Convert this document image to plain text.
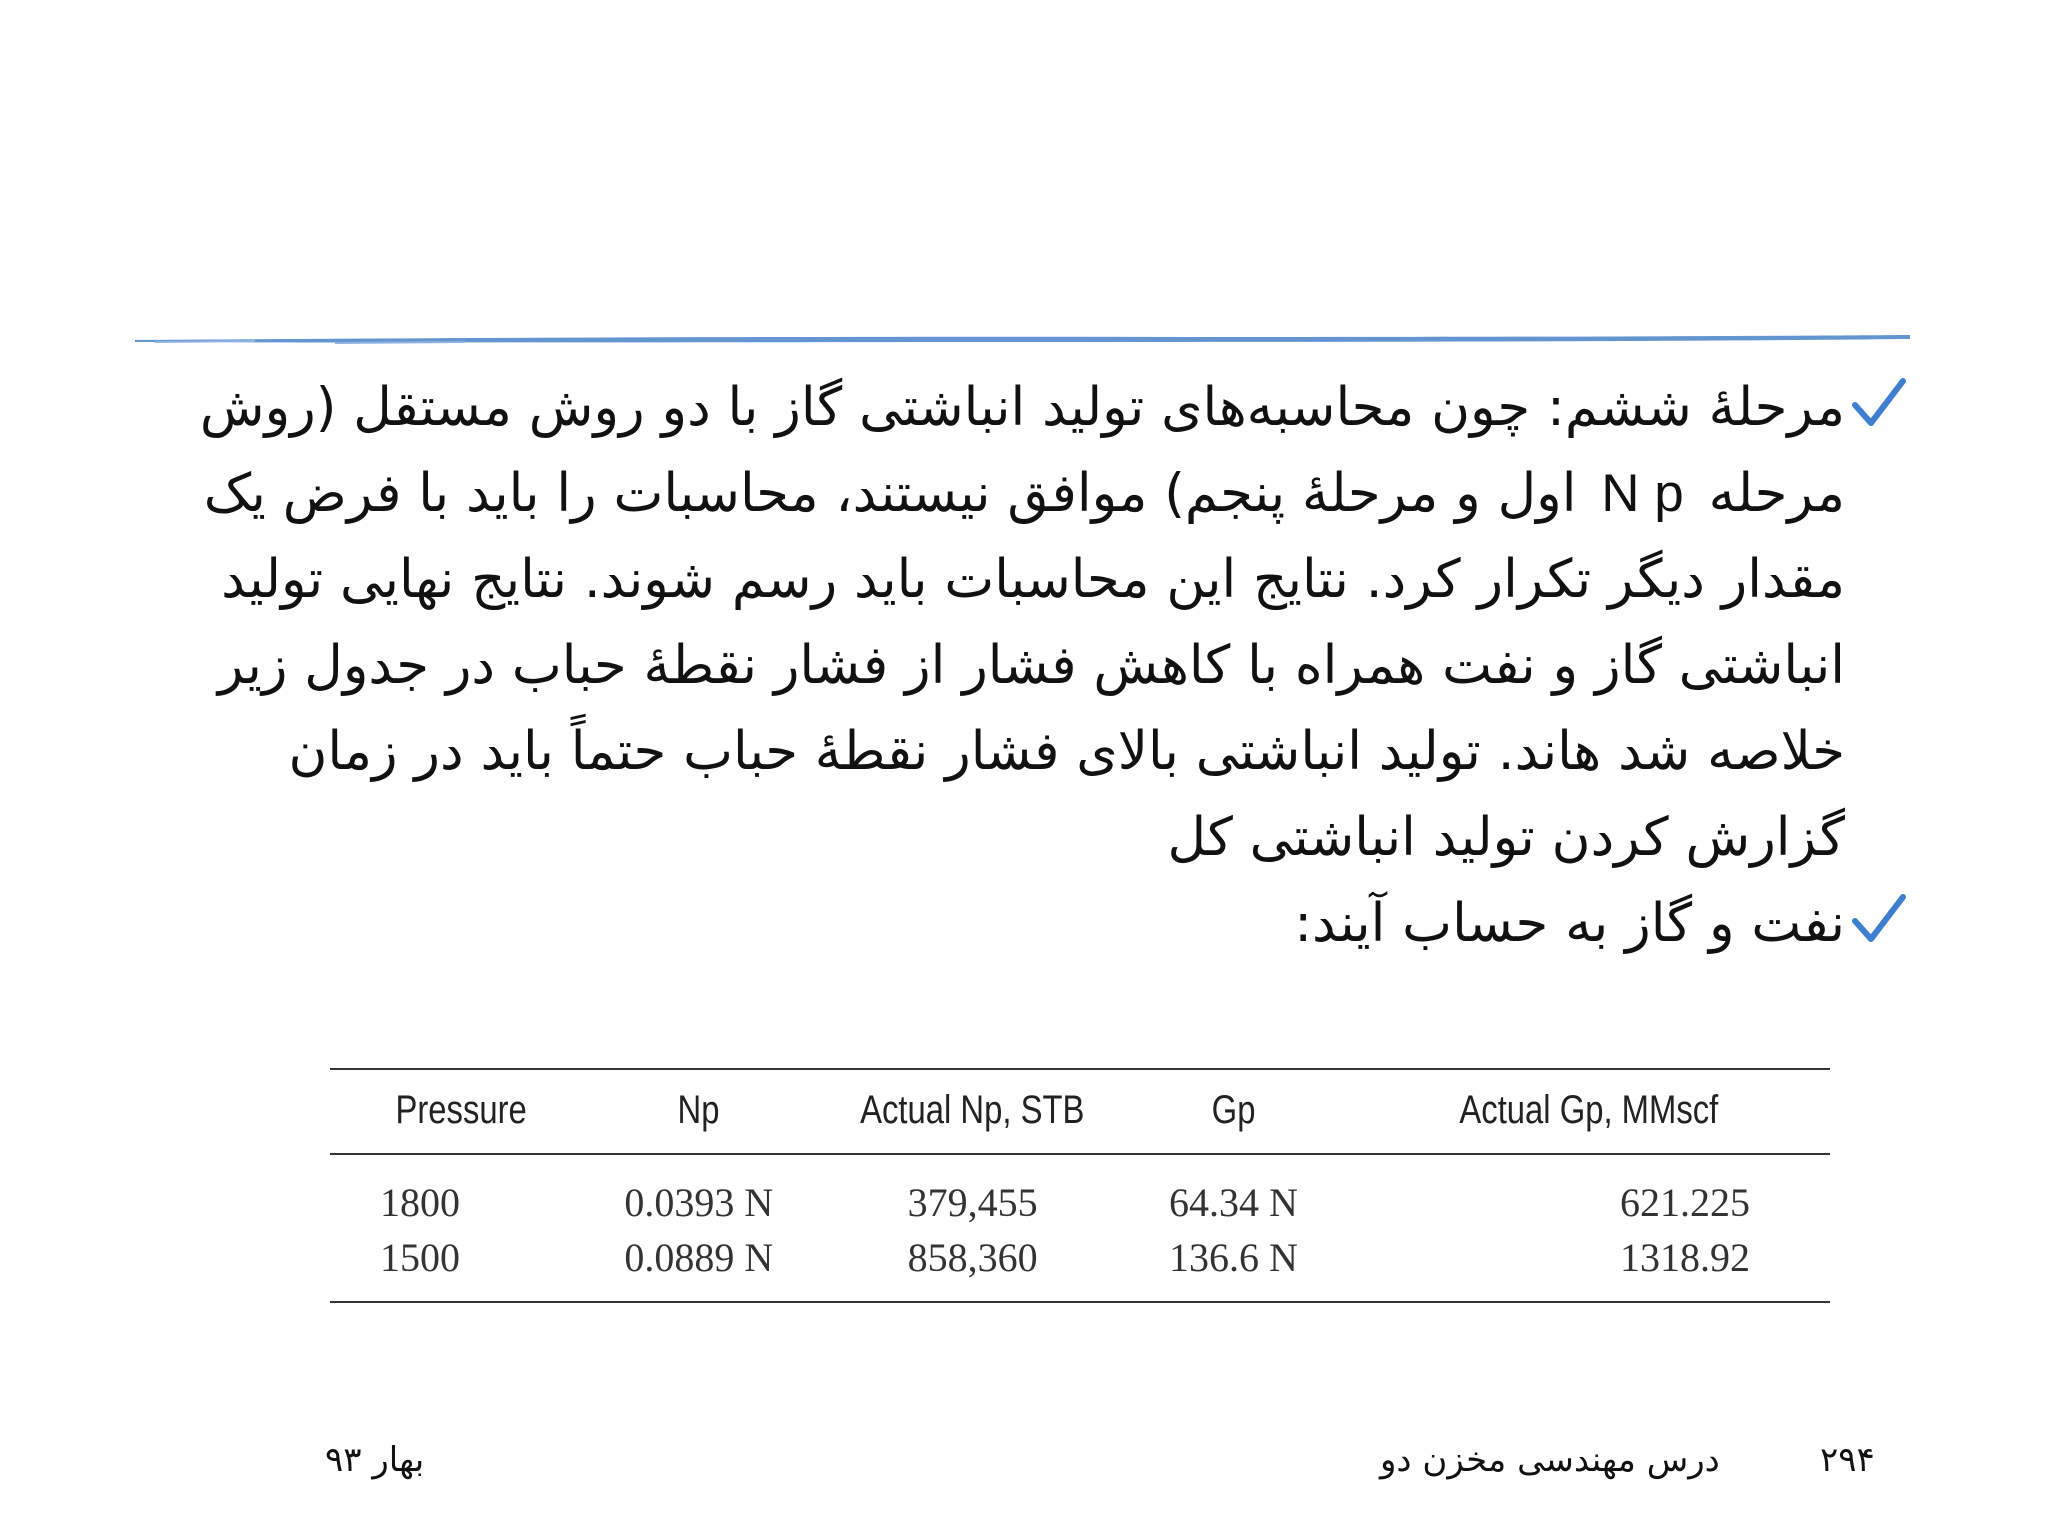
مرحلهٔ ششم: چون محاسبه‌های تولید انباشتی گاز با دو روش مستقل (روش مرحله N p اول و مرحلهٔ پنجم) موافق نیستند، محاسبات را باید با فرض یک مقدار دیگر تکرار کرد. نتایج این محاسبات باید رسم شوند. نتایج نهایی تولید انباشتی گاز و نفت همراه با کاهش فشار از فشار نقطهٔ حباب در جدول زیر خلاصه شد هاند. تولید انباشتی بالای فشار نقطهٔ حباب حتماً باید در زمان گزارش کردن تولید انباشتی کل

نفت و گاز به حساب آیند:

Pressure	Np	Actual Np, STB	Gp	Actual Gp, MMscf
1800	0.0393 N	379,455	64.34 N	621.225
1500	0.0889 N	858,360	136.6 N	1318.92
۲۹۴
درس مهندسی مخزن دو
بهار ۹۳
